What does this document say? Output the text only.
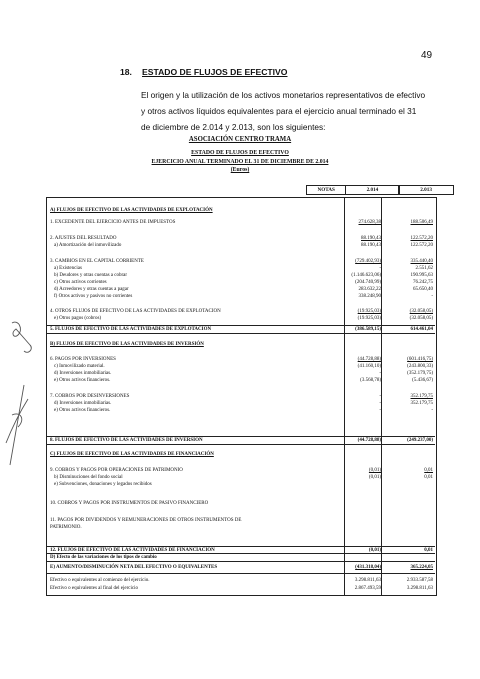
49
18. ESTADO DE FLUJOS DE EFECTIVO
El origen y la utilización de los activos monetarios representativos de efectivo
y otros activos líquidos equivalentes para el ejercicio anual terminado el 31
de diciembre de 2.014 y 2.013, son los siguientes:
ASOCIACIÓN CENTRO TRAMA
ESTADO DE FLUJOS DE EFECTIVO
EJERCICIO ANUAL TERMINADO EL 31 DE DICIEMBRE DE 2.014
(Euros)
NOTAS	2.014	2.013
A) FLUJOS DE EFECTIVO DE LAS ACTIVIDADES DE EXPLOTACIÓN
1. EXCEDENTE DEL EJERCICIO ANTES DE IMPUESTOS	274.628,38	188.506,49
2. AJUSTES DEL RESULTADO	88.190,43	122.572,20
a) Amortización del inmovilizado	88.190,43	122.572,20
3. CAMBIOS EN EL CAPITAL CORRIENTE	(729.402,93)	335.440,40
a) Existencias	-	2.551,62
b) Deudores y otras cuentas a cobrar	(1.146.623,06)	190.995,63
c) Otros activos corrientes	(204.740,99)	76.242,75
d) Acreedores y otras cuentas a pagar	283.632,22	65.650,40
f) Otros activos y pasivos no corrientes	338.248,90	-
4. OTROS FLUJOS DE EFECTIVO DE LAS ACTIVIDADES DE EXPLOTACION	(19.925,03)	(32.058,05)
e) Otros pagos (cobros)	(19.925,03)	(32.058,05)
5. FLUJOS DE EFECTIVO DE LAS ACTIVIDADES DE EXPLOTACION	(386.589,15)	614.461,04
B) FLUJOS DE EFECTIVO DE LAS ACTIVIDADES DE INVERSIÓN
6. PAGOS POR INVERSIONES	(44.728,88)	(601.416,75)
c) Inmovilizado material.	(41.160,10)	(243.800,33)
d) Inversiones inmobiliarias.	-	(352.179,75)
e) Otros activos financieros.	(3.568,78)	(5.436,67)
7. COBROS POR DESINVERSIONES	-	352.179,75
d) Inversiones inmobiliarias.	-	352.179,75
e) Otros activos financieros.	-	-
8. FLUJOS DE EFECTIVO DE LAS ACTIVIDADES DE INVERSION	(44.728,88)	(249.237,00)
C) FLUJOS DE EFECTIVO DE LAS ACTIVIDADES DE FINANCIACIÓN
9. COBROS Y PAGOS POR OPERACIONES DE PATRIMONIO	(0,01)	0,01
b) Disminuciones del fondo social	(0,01)	0,01
e) Subvenciones, donaciones y legados recibidos
10. COBROS Y PAGOS POR INSTRUMENTOS DE PASIVO FINANCIERO
11. PAGOS POR DIVIDENDOS Y REMUNERACIONES DE OTROS INSTRUMENTOS DE
PATRIMONIO.
12. FLUJOS DE EFECTIVO DE LAS ACTIVIDADES DE FINANCIACION	(0,01)	0,01
D) Efecto de las variaciones de los tipos de cambio
E) AUMENTO/DISMINUCIÓN NETA DEL EFECTIVO O EQUIVALENTES	(431.318,04)	365.224,05
Efectivo o equivalentes al comienzo del ejercicio.	3.298.811,63	2.933.587,58
Efectivo o equivalentes al final del ejercicio	2.867.493,59	3.298.811,63
